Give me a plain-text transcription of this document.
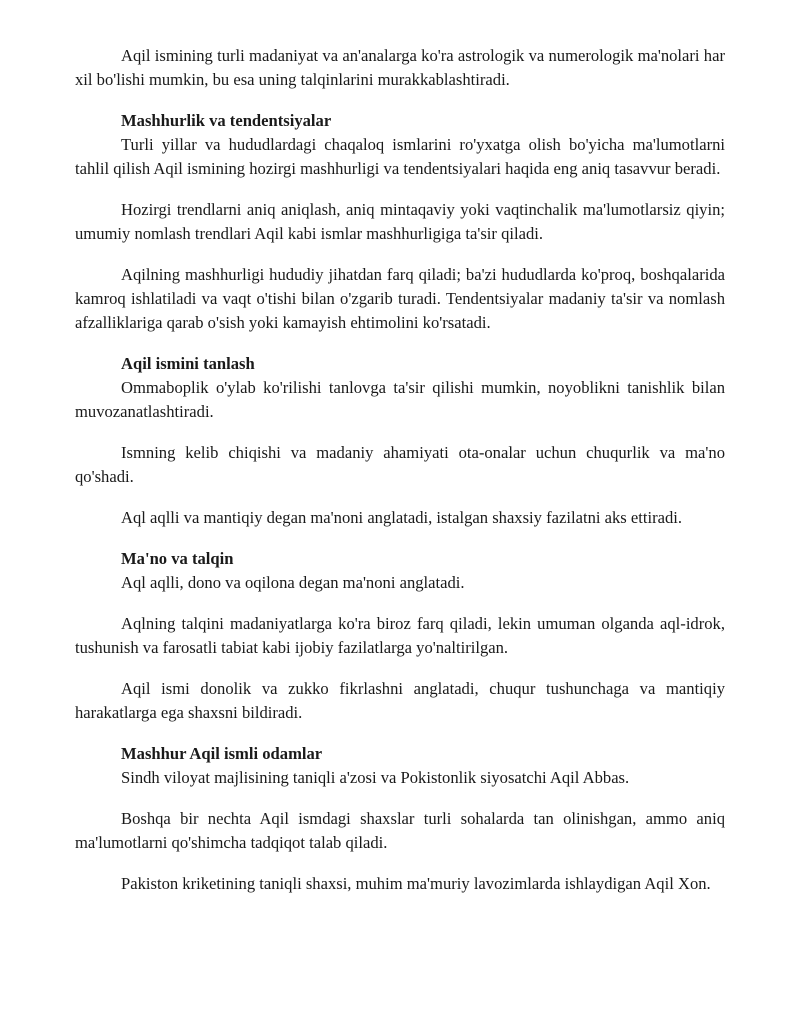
Aqil ismining turli madaniyat va an'analarga ko'ra astrologik va numerologik ma'nolari har xil bo'lishi mumkin, bu esa uning talqinlarini murakkablashtiradi.

Mashhurlik va tendentsiyalar

Turli yillar va hududlardagi chaqaloq ismlarini ro'yxatga olish bo'yicha ma'lumotlarni tahlil qilish Aqil ismining hozirgi mashhurligi va tendentsiyalari haqida eng aniq tasavvur beradi.

Hozirgi trendlarni aniq aniqlash, aniq mintaqaviy yoki vaqtinchalik ma'lumotlarsiz qiyin; umumiy nomlash trendlari Aqil kabi ismlar mashhurligiga ta'sir qiladi.

Aqilning mashhurligi hududiy jihatdan farq qiladi; ba'zi hududlarda ko'proq, boshqalarida kamroq ishlatiladi va vaqt o'tishi bilan o'zgarib turadi. Tendentsiyalar madaniy ta'sir va nomlash afzalliklariga qarab o'sish yoki kamayish ehtimolini ko'rsatadi.

Aqil ismini tanlash

Ommaboplik o'ylab ko'rilishi tanlovga ta'sir qilishi mumkin, noyoblikni tanishlik bilan muvozanatlashtiradi.

Ismning kelib chiqishi va madaniy ahamiyati ota-onalar uchun chuqurlik va ma'no qo'shadi.

Aql aqlli va mantiqiy degan ma'noni anglatadi, istalgan shaxsiy fazilatni aks ettiradi.

Ma'no va talqin

Aql aqlli, dono va oqilona degan ma'noni anglatadi.

Aqlning talqini madaniyatlarga ko'ra biroz farq qiladi, lekin umuman olganda aql-idrok, tushunish va farosatli tabiat kabi ijobiy fazilatlarga yo'naltirilgan.

Aqil ismi donolik va zukko fikrlashni anglatadi, chuqur tushunchaga va mantiqiy harakatlarga ega shaxsni bildiradi.

Mashhur Aqil ismli odamlar

Sindh viloyat majlisining taniqli a'zosi va Pokistonlik siyosatchi Aqil Abbas.

Boshqa bir nechta Aqil ismdagi shaxslar turli sohalarda tan olinishgan, ammo aniq ma'lumotlarni qo'shimcha tadqiqot talab qiladi.

Pakiston kriketining taniqli shaxsi, muhim ma'muriy lavozimlarda ishlaydigan Aqil Xon.
